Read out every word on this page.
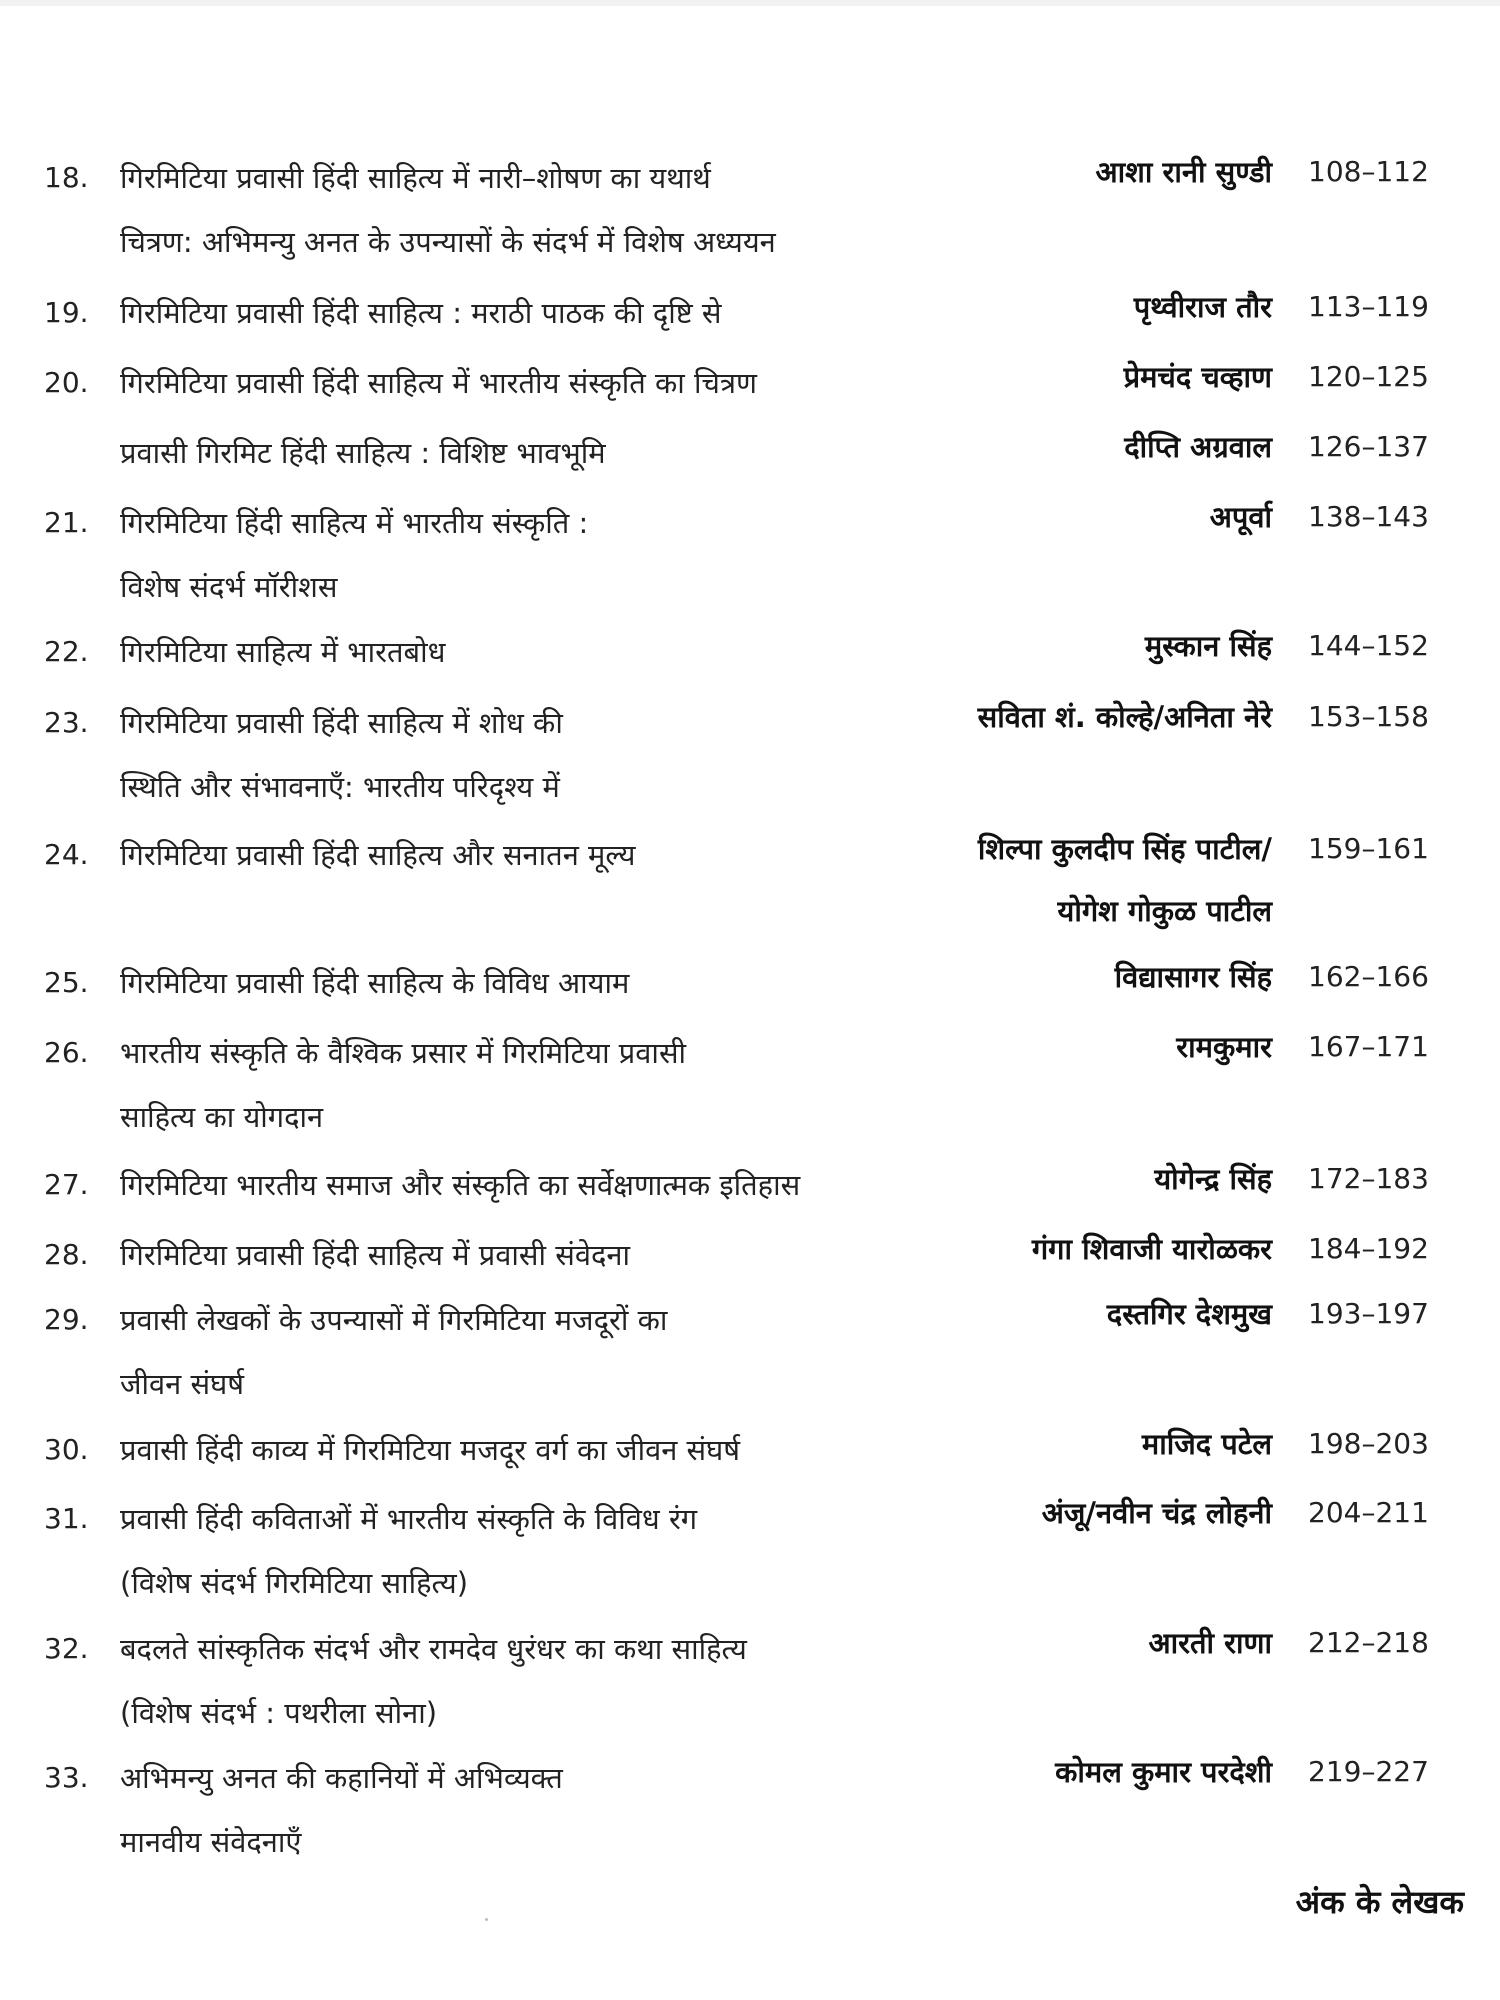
18.	गिरमिटिया प्रवासी हिंदी साहित्य में नारी–शोषण का यथार्थ
चित्रण: अभिमन्यु अनत के उपन्यासों के संदर्भ में विशेष अध्ययन
आशा रानी सुण्डी 108–112
19.	गिरमिटिया प्रवासी हिंदी साहित्य : मराठी पाठक की दृष्टि से	पृथ्वीराज तौर 113–119
20.	गिरमिटिया प्रवासी हिंदी साहित्य में भारतीय संस्कृति का चित्रण	प्रेमचंद चव्हाण 120–125
प्रवासी गिरमिट हिंदी साहित्य : विशिष्ट भावभूमि	दीप्ति अग्रवाल 126–137
21.	गिरमिटिया हिंदी साहित्य में भारतीय संस्कृति :
विशेष संदर्भ मॉरीशस
अपूर्वा 138–143
22.	गिरमिटिया साहित्य में भारतबोध	मुस्कान सिंह 144–152
23.	गिरमिटिया प्रवासी हिंदी साहित्य में शोध की
स्थिति और संभावनाएँ: भारतीय परिदृश्य में
सविता शं. कोल्हे/अनिता नेरे 153–158
24.	गिरमिटिया प्रवासी हिंदी साहित्य और सनातन मूल्य	शिल्पा कुलदीप सिंह पाटील/
योगेश गोकुळ पाटील
159–161
25.	गिरमिटिया प्रवासी हिंदी साहित्य के विविध आयाम	विद्यासागर सिंह 162–166
26.	भारतीय संस्कृति के वैश्विक प्रसार में गिरमिटिया प्रवासी
साहित्य का योगदान
रामकुमार 167–171
27.	गिरमिटिया भारतीय समाज और संस्कृति का सर्वेक्षणात्मक इतिहास	योगेन्द्र सिंह 172–183
28.	गिरमिटिया प्रवासी हिंदी साहित्य में प्रवासी संवेदना	गंगा शिवाजी यारोळकर 184–192
29.	प्रवासी लेखकों के उपन्यासों में गिरमिटिया मजदूरों का
जीवन संघर्ष
दस्तगिर देशमुख 193–197
30.	प्रवासी हिंदी काव्य में गिरमिटिया मजदूर वर्ग का जीवन संघर्ष	माजिद पटेल 198–203
31.	प्रवासी हिंदी कविताओं में भारतीय संस्कृति के विविध रंग
(विशेष संदर्भ गिरमिटिया साहित्य)
अंजू/नवीन चंद्र लोहनी 204–211
32.	बदलते सांस्कृतिक संदर्भ और रामदेव धुरंधर का कथा साहित्य
(विशेष संदर्भ : पथरीला सोना)
आरती राणा 212–218
33.	अभिमन्यु अनत की कहानियों में अभिव्यक्त
मानवीय संवेदनाएँ
कोमल कुमार परदेशी 219–227
अंक के लेखक
